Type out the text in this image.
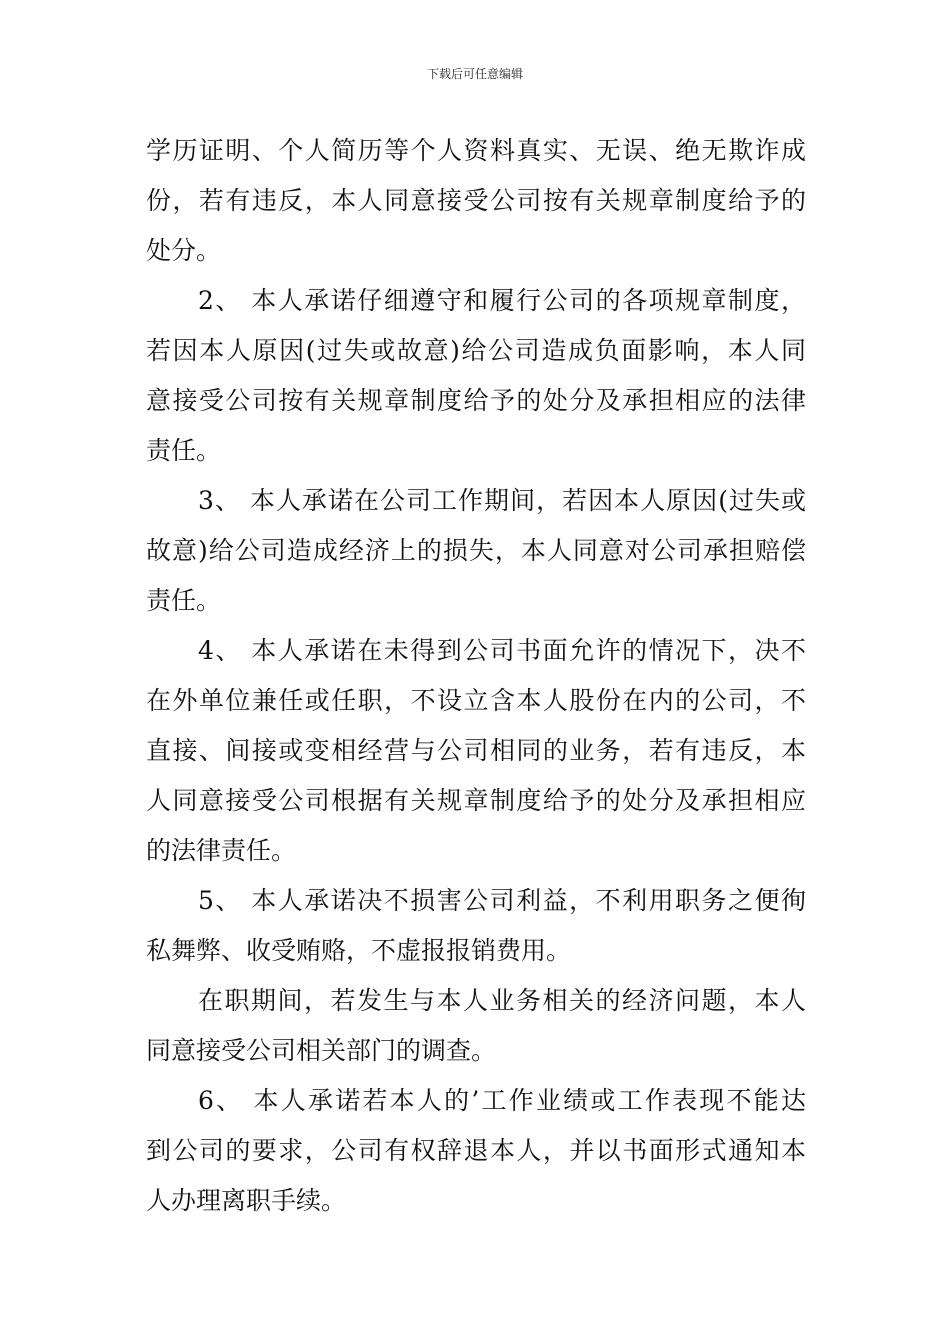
下载后可任意编辑
学历证明、个人简历等个人资料真实、无误、绝无欺诈成
份，若有违反，本人同意接受公司按有关规章制度给予的
处分。
2、 本人承诺仔细遵守和履行公司的各项规章制度，
若因本人原因(过失或故意)给公司造成负面影响，本人同
意接受公司按有关规章制度给予的处分及承担相应的法律
责任。
3、 本人承诺在公司工作期间，若因本人原因(过失或
故意)给公司造成经济上的损失，本人同意对公司承担赔偿
责任。
4、 本人承诺在未得到公司书面允许的情况下，决不
在外单位兼任或任职，不设立含本人股份在内的公司，不
直接、间接或变相经营与公司相同的业务，若有违反，本
人同意接受公司根据有关规章制度给予的处分及承担相应
的法律责任。
5、 本人承诺决不损害公司利益，不利用职务之便徇
私舞弊、收受贿赂，不虚报报销费用。
在职期间，若发生与本人业务相关的经济问题，本人
同意接受公司相关部门的调查。
6、 本人承诺若本人的’工作业绩或工作表现不能达
到公司的要求，公司有权辞退本人，并以书面形式通知本
人办理离职手续。
